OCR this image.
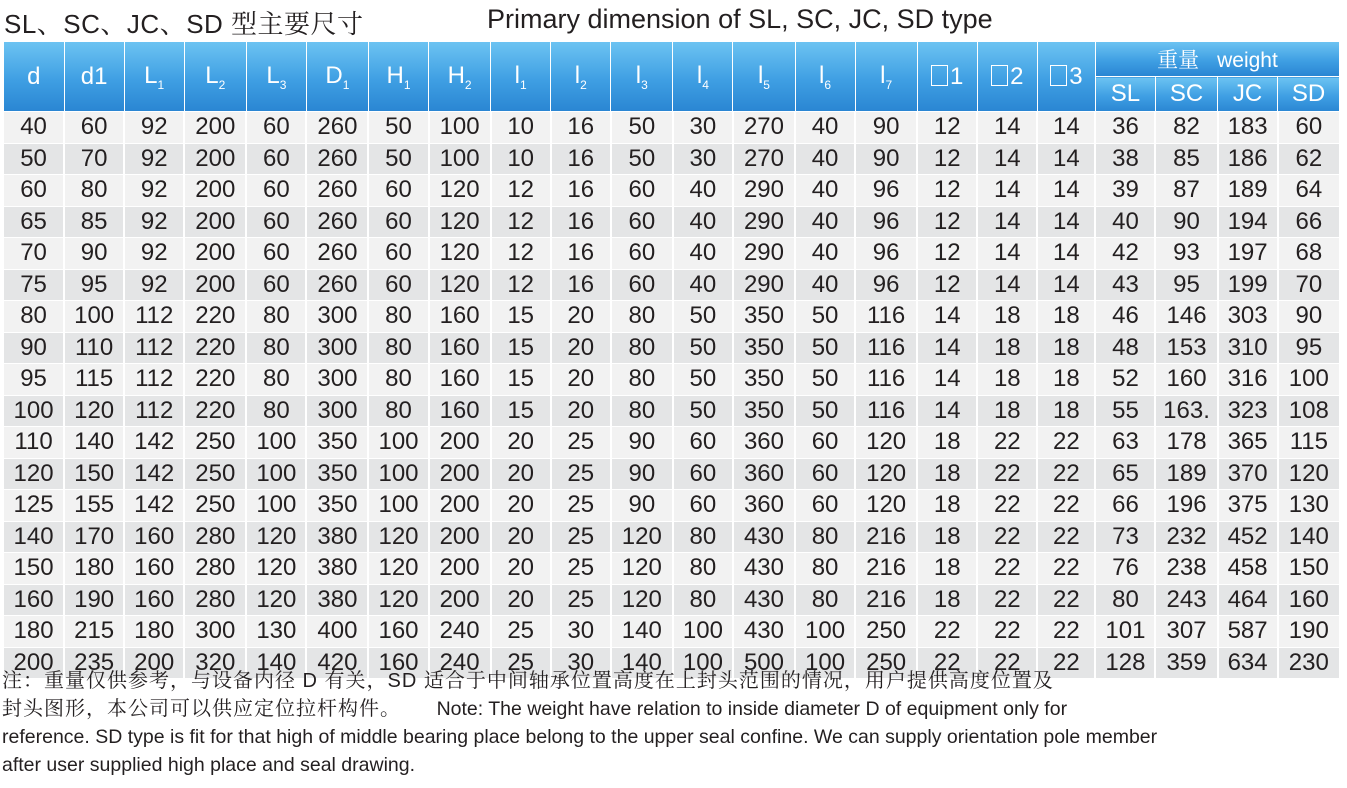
SL、SC、JC、SD 型主要尺寸	Primary dimension of SL, SC, JC, SD type
d	d1	$L_1$	$L_2$	$L_3$	$D_1$	$H_1$	$H_2$	$l_1$	$l_2$	$l_3$	$l_4$	$l_5$	$l_6$	$l_7$	1	2	3	重量 weight			
																		SL	SC	JC	SD
40	60	92	200	60	260	50	100	10	16	50	30	270	40	90	12	14	14	36	82	183	60
50	70	92	200	60	260	50	100	10	16	50	30	270	40	90	12	14	14	38	85	186	62
60	80	92	200	60	260	60	120	12	16	60	40	290	40	96	12	14	14	39	87	189	64
65	85	92	200	60	260	60	120	12	16	60	40	290	40	96	12	14	14	40	90	194	66
70	90	92	200	60	260	60	120	12	16	60	40	290	40	96	12	14	14	42	93	197	68
75	95	92	200	60	260	60	120	12	16	60	40	290	40	96	12	14	14	43	95	199	70
80	100	112	220	80	300	80	160	15	20	80	50	350	50	116	14	18	18	46	146	303	90
90	110	112	220	80	300	80	160	15	20	80	50	350	50	116	14	18	18	48	153	310	95
95	115	112	220	80	300	80	160	15	20	80	50	350	50	116	14	18	18	52	160	316	100
100	120	112	220	80	300	80	160	15	20	80	50	350	50	116	14	18	18	55	163.	323	108
110	140	142	250	100	350	100	200	20	25	90	60	360	60	120	18	22	22	63	178	365	115
120	150	142	250	100	350	100	200	20	25	90	60	360	60	120	18	22	22	65	189	370	120
125	155	142	250	100	350	100	200	20	25	90	60	360	60	120	18	22	22	66	196	375	130
140	170	160	280	120	380	120	200	20	25	120	80	430	80	216	18	22	22	73	232	452	140
150	180	160	280	120	380	120	200	20	25	120	80	430	80	216	18	22	22	76	238	458	150
160	190	160	280	120	380	120	200	20	25	120	80	430	80	216	18	22	22	80	243	464	160
180	215	180	300	130	400	160	240	25	30	140	100	430	100	250	22	22	22	101	307	587	190
200	235	200	320	140	420	160	240	25	30	140	100	500	100	250	22	22	22	128	359	634	230
注：重量仅供参考，与设备内径 D 有关，SD 适合于中间轴承位置高度在上封头范围的情况，用户提供高度位置及
封头图形，本公司可以供应定位拉杆构件。 Note: The weight have relation to inside diameter D of equipment only for
reference. SD type is fit for that high of middle bearing place belong to the upper seal confine. We can supply orientation pole member
after user supplied high place and seal drawing.
